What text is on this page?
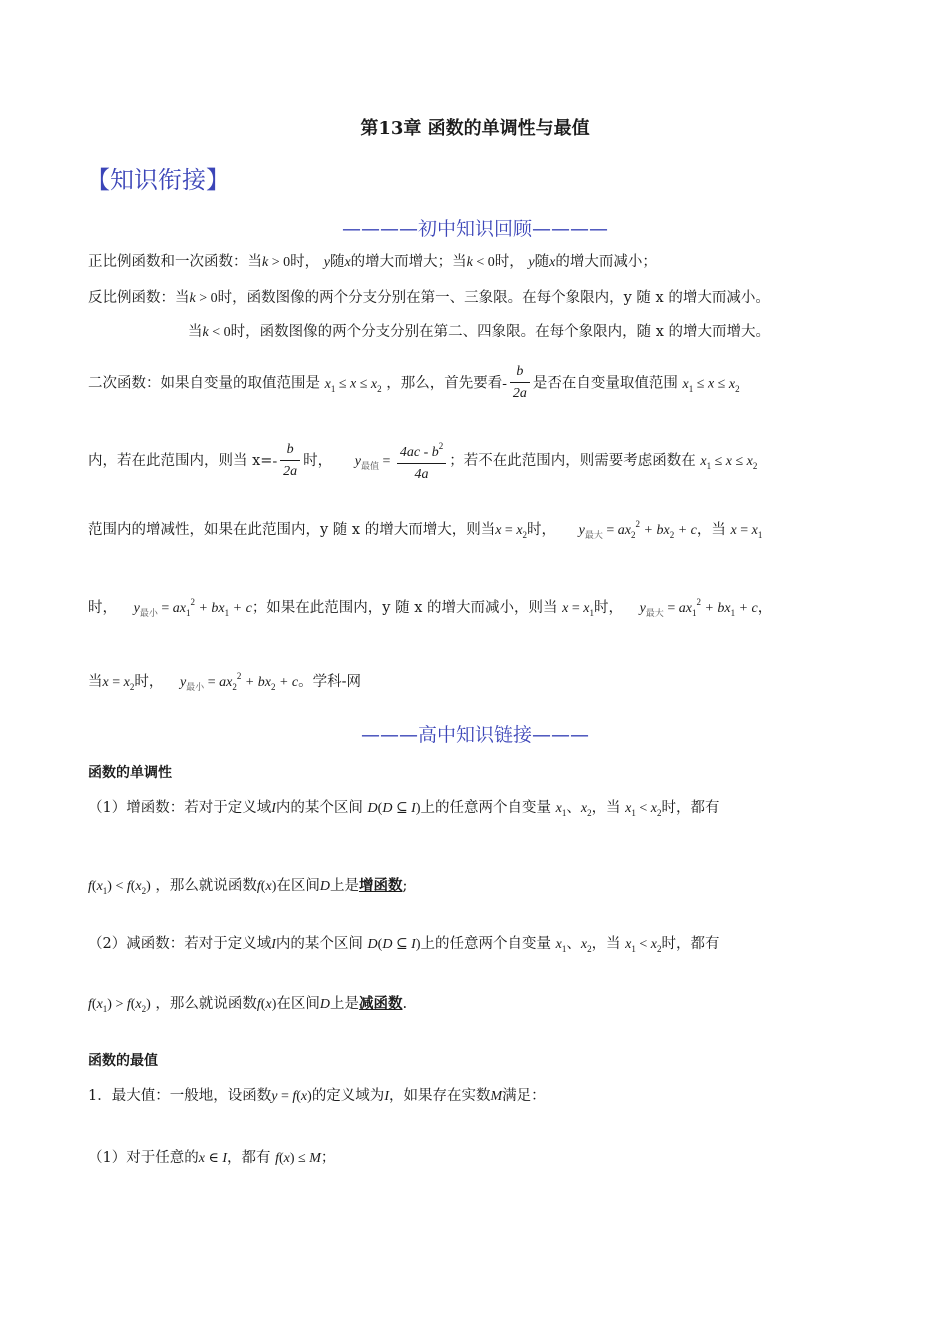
第13章 函数的单调性与最值
【知识衔接】
————初中知识回顾————
正比例函数和一次函数：当k > 0时， y随x的增大而增大；当k < 0时， y随x的增大而减小；
反比例函数：当k > 0时，函数图像的两个分支分别在第一、三象限。在每个象限内，y 随 x 的增大而减小。
当k < 0时，函数图像的两个分支分别在第二、四象限。在每个象限内，随 x 的增大而增大。
二次函数：如果自变量的取值范围是 $x_1 \le x \le x_2$ ，那么，首先要看- $\frac{b}{2a}$ 是否在自变量取值范围 $x_1 \le x \le x_2$
内，若在此范围内，则当 $x=- \frac{b}{2a}$ 时， $y_{最值} = \frac{4ac - b^2}{4a}$ ；若不在此范围内，则需要考虑函数在 $x_1 \le x \le x_2$
范围内的增减性，如果在此范围内，y 随 x 的增大而增大，则当$x = x_2$时， $y_{最大} = ax_2^2 + bx_2 + c$，当 $x = x_1$
时， $y_{最小} = ax_1^2 + bx_1 + c$；如果在此范围内，y 随 x 的增大而减小，则当 $x = x_1$时， $y_{最大} = ax_1^2 + bx_1 + c$，
当$x = x_2$时， $y_{最小} = ax_2^2 + bx_2 + c$。学科-网
———高中知识链接———
函数的单调性
（1）增函数：若对于定义域I内的某个区间 D(D ⊆ I)上的任意两个自变量 $x_1$、$x_2$，当 $x_1 < x_2$时，都有
$f(x_1) < f(x_2)$ ，那么就说函数f(x)在区间D上是增函数;
（2）减函数：若对于定义域I内的某个区间 D(D ⊆ I)上的任意两个自变量 $x_1$、$x_2$，当 $x_1 < x_2$时，都有
$f(x_1) > f(x_2)$ ，那么就说函数f(x)在区间D上是减函数.
函数的最值
1．最大值：一般地，设函数y = f(x)的定义域为I，如果存在实数M满足：
（1）对于任意的x ∈ I，都有 f(x) ≤ M；
